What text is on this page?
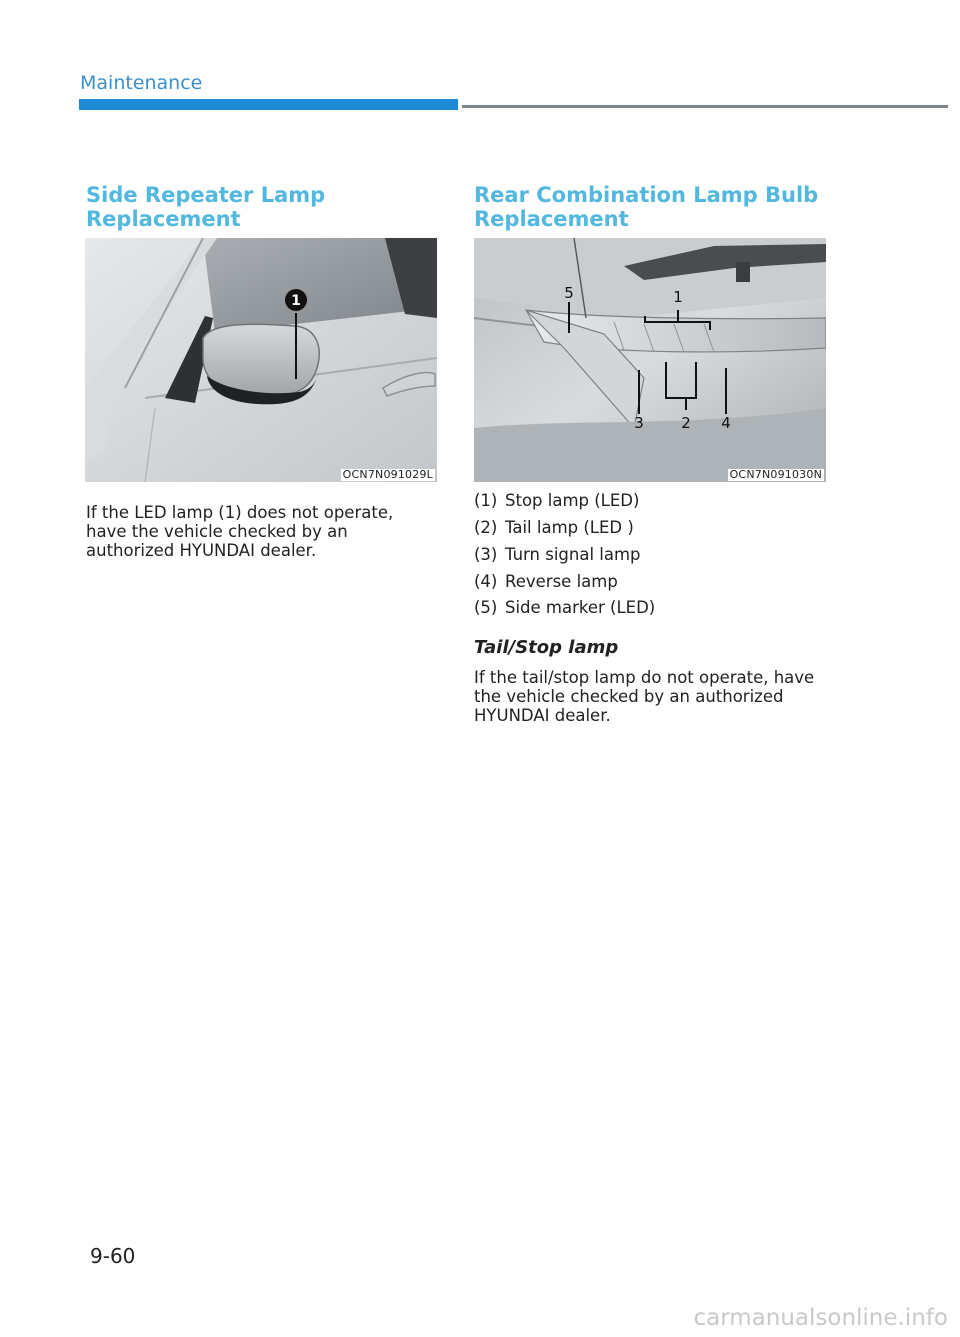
Maintenance
Side Repeater Lamp
Replacement
1
OCN7N091029L

If the LED lamp (1) does not operate,
have the vehicle checked by an
authorized HYUNDAI dealer.

Rear Combination Lamp Bulb
Replacement
5	1
3 2 4
OCN7N091030N
(1) Stop lamp (LED)
(2) Tail lamp (LED )
(3) Turn signal lamp
(4) Reverse lamp
(5) Side marker (LED)
Tail/Stop lamp

If the tail/stop lamp do not operate, have
the vehicle checked by an authorized
HYUNDAI dealer.

9-60
carmanualsonline.info
